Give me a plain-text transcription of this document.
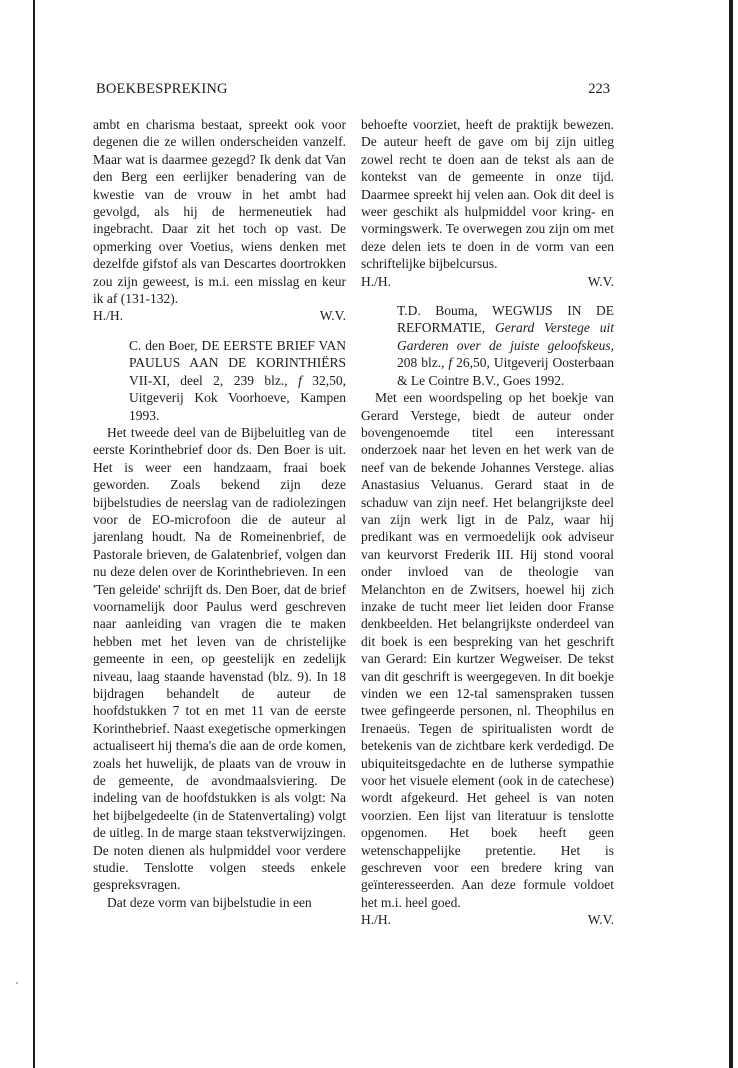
BOEKBESPREKING	223

ambt en charisma bestaat, spreekt ook voor degenen die ze willen onderscheiden vanzelf. Maar wat is daarmee gezegd? Ik denk dat Van den Berg een eerlijker benadering van de kwestie van de vrouw in het ambt had gevolgd, als hij de hermeneutiek had ingebracht. Daar zit het toch op vast. De opmerking over Voetius, wiens denken met dezelfde gifstof als van Descartes doortrokken zou zijn geweest, is m.i. een misslag en keur ik af (131-132).

H./H.	W.V.

C. den Boer, DE EERSTE BRIEF VAN PAULUS AAN DE KORINTHIËRS VII-XI, deel 2, 239 blz., f 32,50, Uitgeverij Kok Voorhoeve, Kampen 1993.

Het tweede deel van de Bijbeluitleg van de eerste Korinthebrief door ds. Den Boer is uit. Het is weer een handzaam, fraai boek geworden. Zoals bekend zijn deze bijbelstudies de neerslag van de radiolezingen voor de EO-microfoon die de auteur al jarenlang houdt. Na de Romeinenbrief, de Pastorale brieven, de Galatenbrief, volgen dan nu deze delen over de Korinthebrieven. In een 'Ten geleide' schrijft ds. Den Boer, dat de brief voornamelijk door Paulus werd geschreven naar aanleiding van vragen die te maken hebben met het leven van de christelijke gemeente in een, op geestelijk en zedelijk niveau, laag staande havenstad (blz. 9). In 18 bijdragen behandelt de auteur de hoofdstukken 7 tot en met 11 van de eerste Korinthebrief. Naast exegetische opmerkingen actualiseert hij thema's die aan de orde komen, zoals het huwelijk, de plaats van de vrouw in de gemeente, de avondmaalsviering. De indeling van de hoofdstukken is als volgt: Na het bijbelgedeelte (in de Statenvertaling) volgt de uitleg. In de marge staan tekstverwijzingen. De noten dienen als hulpmiddel voor verdere studie. Tenslotte volgen steeds enkele gespreksvragen.

Dat deze vorm van bijbelstudie in een

behoefte voorziet, heeft de praktijk bewezen. De auteur heeft de gave om bij zijn uitleg zowel recht te doen aan de tekst als aan de kontekst van de gemeente in onze tijd. Daarmee spreekt hij velen aan. Ook dit deel is weer geschikt als hulpmiddel voor kring- en vormingswerk. Te overwegen zou zijn om met deze delen iets te doen in de vorm van een schriftelijke bijbelcursus.

H./H.	W.V.

T.D. Bouma, WEGWIJS IN DE REFORMATIE, Gerard Verstege uit Garderen over de juiste geloofskeus, 208 blz., f 26,50, Uitgeverij Oosterbaan & Le Cointre B.V., Goes 1992.

Met een woordspeling op het boekje van Gerard Verstege, biedt de auteur onder bovengenoemde titel een interessant onderzoek naar het leven en het werk van de neef van de bekende Johannes Verstege. alias Anastasius Veluanus. Gerard staat in de schaduw van zijn neef. Het belangrijkste deel van zijn werk ligt in de Palz, waar hij predikant was en vermoedelijk ook adviseur van keurvorst Frederik III. Hij stond vooral onder invloed van de theologie van Melanchton en de Zwitsers, hoewel hij zich inzake de tucht meer liet leiden door Franse denkbeelden. Het belangrijkste onderdeel van dit boek is een bespreking van het geschrift van Gerard: Ein kurtzer Wegweiser. De tekst van dit geschrift is weergegeven. In dit boekje vinden we een 12-tal samenspraken tussen twee gefingeerde personen, nl. Theophilus en Irenaeüs. Tegen de spiritualisten wordt de betekenis van de zichtbare kerk verdedigd. De ubiquiteitsgedachte en de lutherse sympathie voor het visuele element (ook in de catechese) wordt afgekeurd. Het geheel is van noten voorzien. Een lijst van literatuur is tenslotte opgenomen. Het boek heeft geen wetenschappelijke pretentie. Het is geschreven voor een bredere kring van geïnteresseerden. Aan deze formule voldoet het m.i. heel goed.

H./H.	W.V.
